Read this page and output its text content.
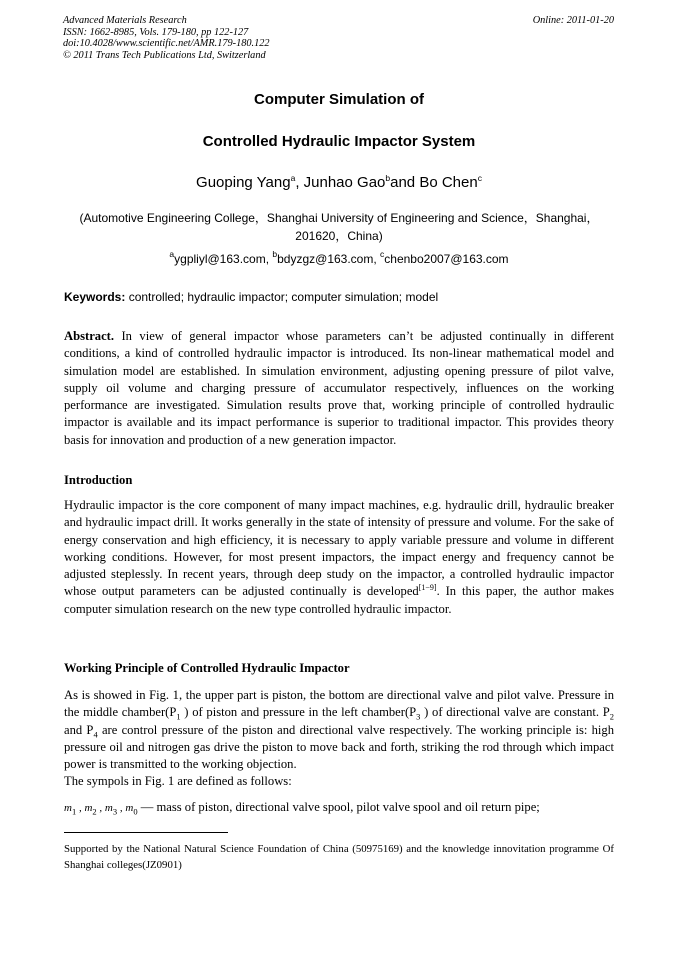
Advanced Materials Research
ISSN: 1662-8985, Vols. 179-180, pp 122-127
doi:10.4028/www.scientific.net/AMR.179-180.122
© 2011 Trans Tech Publications Ltd, Switzerland
Online: 2011-01-20
Computer Simulation of
Controlled Hydraulic Impactor System
Guoping Yang$^a$, Junhao Gao$^b$and Bo Chen$^c$
(Automotive Engineering College，Shanghai University of Engineering and Science，Shanghai，201620，China)
$^a$ygpliyl@163.com, $^b$bdyzgz@163.com, $^c$chenbo2007@163.com
Keywords: controlled; hydraulic impactor; computer simulation; model
Abstract. In view of general impactor whose parameters can’t be adjusted continually in different conditions, a kind of controlled hydraulic impactor is introduced. Its non-linear mathematical model and simulation model are established. In simulation environment, adjusting opening pressure of pilot valve, supply oil volume and charging pressure of accumulator respectively, influences on the working performance are investigated. Simulation results prove that, working principle of controlled hydraulic impactor is available and its impact performance is superior to traditional impactor. This provides theory basis for innovation and production of a new generation impactor.
Introduction
Hydraulic impactor is the core component of many impact machines, e.g. hydraulic drill, hydraulic breaker and hydraulic impact drill. It works generally in the state of intensity of pressure and volume. For the sake of energy conservation and high efficiency, it is necessary to apply variable pressure and volume in different working conditions. However, for most present impactors, the impact energy and frequency cannot be adjusted steplessly. In recent years, through deep study on the impactor, a controlled hydraulic impactor whose output parameters can be adjusted continually is developed[1−9]. In this paper, the author makes computer simulation research on the new type controlled hydraulic impactor.
Working Principle of Controlled Hydraulic Impactor
As is showed in Fig. 1, the upper part is piston, the bottom are directional valve and pilot valve. Pressure in the middle $chamber(P_1$ ) of piston and pressure in the left $chamber(P_3$ ) of directional valve are constant. $P_2$ and $P_4$ are control pressure of the piston and directional valve respectively. The working principle is: high pressure oil and nitrogen gas drive the piston to move back and forth, striking the rod through which impact power is transmitted to the working objection.
The sympols in Fig. 1 are defined as follows:
$m_1$ , $m_2$ , $m_3$ , $m_0$ — mass of piston, directional valve spool, pilot valve spool and oil return pipe;
Supported by the National Natural Science Foundation of China (50975169) and the knowledge innovitation programme Of Shanghai colleges(JZ0901)
